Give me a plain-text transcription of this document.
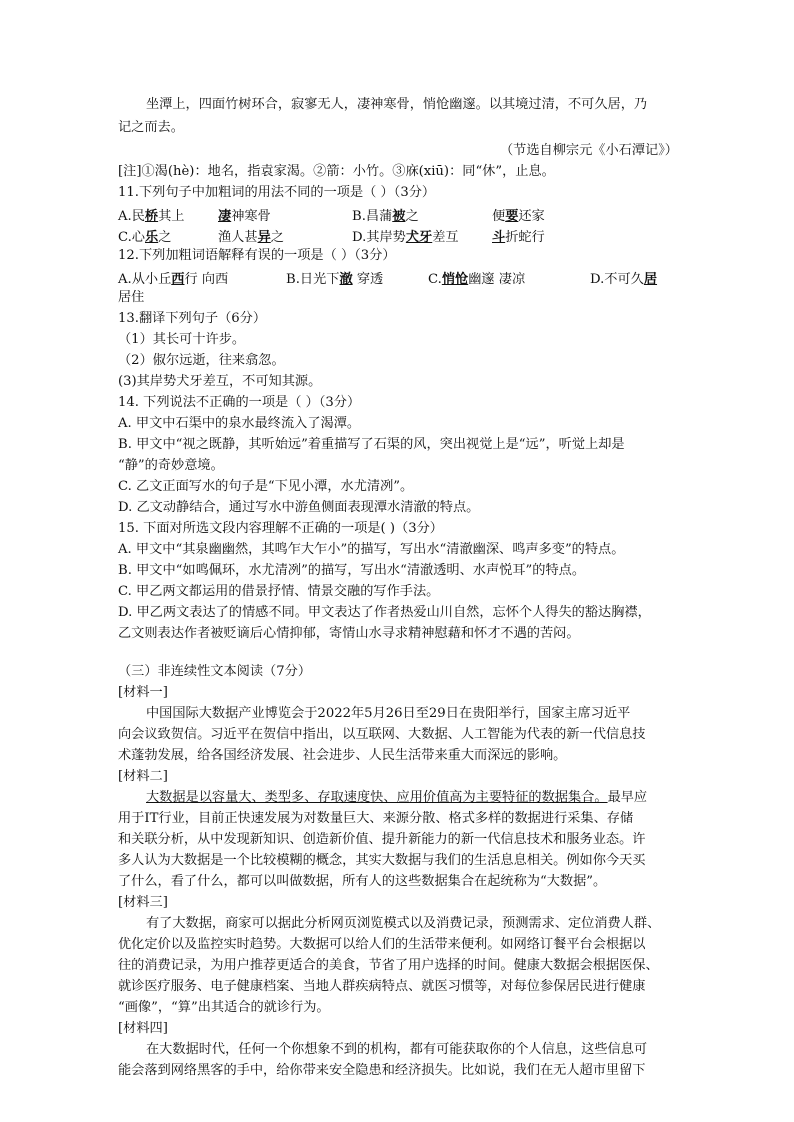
坐潭上，四面竹树环合，寂寥无人，凄神寒骨，悄怆幽邃。以其境过清，不可久居，乃
记之而去。
（节选自柳宗元《小石潭记》）
[注]①渴(hè)：地名，指袁家渴。②箭：小竹。③庥(xiū)：同“休”，止息。
11.下列句子中加粗词的用法不同的一项是（ ）（3分）
A.民桥其上	凄神寒骨	B.昌蒲被之	便要还家
C.心乐之	渔人甚异之	D.其岸势犬牙差互	斗折蛇行
12.下列加粗词语解释有误的一项是（ ）（3分）
A.从小丘西行 向西	B.日光下澈 穿透	C.悄怆幽邃 凄凉	D.不可久居
居住
13.翻译下列句子（6分）
（1）其长可十许步。
（2）俶尔远逝，往来翕忽。
(3)其岸势犬牙差互，不可知其源。
14. 下列说法不正确的一项是（ ）（3分）
A. 甲文中石渠中的泉水最终流入了渴潭。
B. 甲文中“视之既静，其听始远”着重描写了石渠的风，突出视觉上是“远”，听觉上却是
“静”的奇妙意境。
C. 乙文正面写水的句子是“下见小潭，水尤清冽”。
D. 乙文动静结合，通过写水中游鱼侧面表现潭水清澈的特点。
15. 下面对所选文段内容理解不正确的一项是( )（3分）
A. 甲文中“其泉幽幽然，其鸣乍大乍小”的描写，写出水“清澈幽深、鸣声多变”的特点。
B. 甲文中“如鸣佩环，水尤清冽”的描写，写出水“清澈透明、水声悦耳”的特点。
C. 甲乙两文都运用的借景抒情、情景交融的写作手法。
D. 甲乙两文表达了的情感不同。甲文表达了作者热爱山川自然，忘怀个人得失的豁达胸襟，
乙文则表达作者被贬谪后心情抑郁，寄情山水寻求精神慰藉和怀才不遇的苦闷。
（三）非连续性文本阅读（7分）
[材料一]
中国国际大数据产业博览会于2022年5月26日至29日在贵阳举行，国家主席习近平
向会议致贺信。习近平在贺信中指出，以互联网、大数据、人工智能为代表的新一代信息技
术蓬勃发展，给各国经济发展、社会进步、人民生活带来重大而深远的影响。
[材料二]
大数据是以容量大、类型多、存取速度快、应用价值高为主要特征的数据集合。最早应
用于IT行业，目前正快速发展为对数量巨大、来源分散、格式多样的数据进行采集、存储
和关联分析，从中发现新知识、创造新价值、提升新能力的新一代信息技术和服务业态。许
多人认为大数据是一个比较模糊的概念，其实大数据与我们的生活息息相关。例如你今天买
了什么，看了什么，都可以叫做数据，所有人的这些数据集合在起统称为“大数据”。
[材料三]
有了大数据，商家可以据此分析网页浏览模式以及消费记录，预测需求、定位消费人群、
优化定价以及监控实时趋势。大数据可以给人们的生活带来便利。如网络订餐平台会根据以
往的消费记录，为用户推荐更适合的美食，节省了用户选择的时间。健康大数据会根据医保、
就诊医疗服务、电子健康档案、当地人群疾病特点、就医习惯等，对每位参保居民进行健康
“画像”，“算”出其适合的就诊行为。
[材料四]
在大数据时代，任何一个你想象不到的机构，都有可能获取你的个人信息，这些信息可
能会落到网络黑客的手中，给你带来安全隐患和经济损失。比如说，我们在无人超市里留下
